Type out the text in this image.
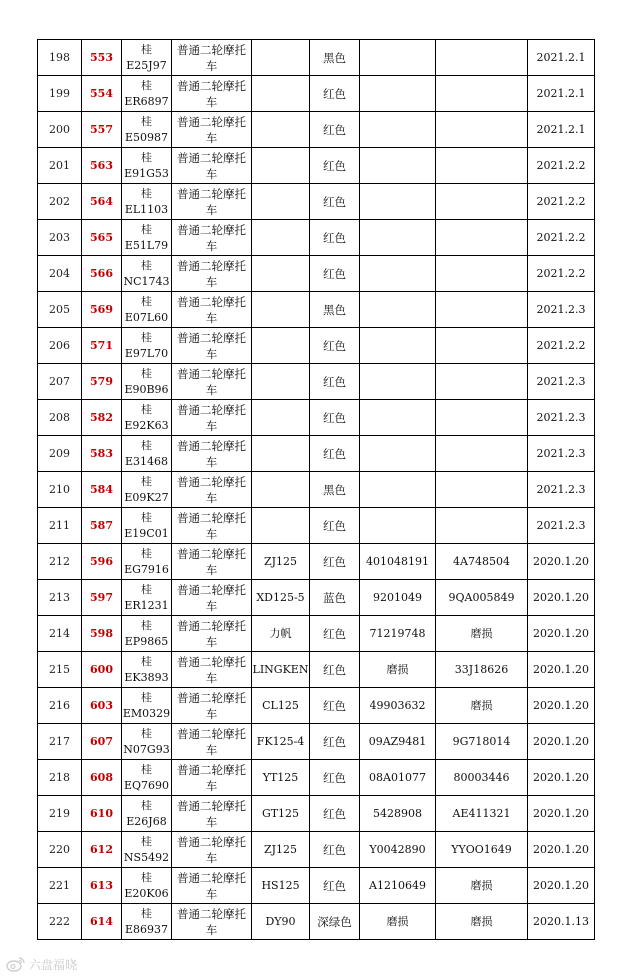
198	553	桂E25J97	普通二轮摩托车		黑色			2021.2.1
199	554	桂 ER6897	普通二轮摩托车		红色			2021.2.1
200	557	桂 E50987	普通二轮摩托车		红色			2021.2.1
201	563	桂 E91G53	普通二轮摩托车		红色			2021.2.2
202	564	桂 EL1103	普通二轮摩托车		红色			2021.2.2
203	565	桂 E51L79	普通二轮摩托车		红色			2021.2.2
204	566	桂 NC1743	普通二轮摩托车		红色			2021.2.2
205	569	桂 E07L60	普通二轮摩托车		黑色			2021.2.3
206	571	桂 E97L70	普通二轮摩托车		红色			2021.2.2
207	579	桂 E90B96	普通二轮摩托车		红色			2021.2.3
208	582	桂 E92K63	普通二轮摩托车		红色			2021.2.3
209	583	桂 E31468	普通二轮摩托车		红色			2021.2.3
210	584	桂 E09K27	普通二轮摩托车		黑色			2021.2.3
211	587	桂 E19C01	普通二轮摩托车		红色			2021.2.3
212	596	桂 EG7916	普通二轮摩托车	ZJ125	红色	401048191	4A748504	2020.1.20
213	597	桂 ER1231	普通二轮摩托车	XD125-5	蓝色	9201049	9QA005849	2020.1.20
214	598	桂 EP9865	普通二轮摩托车	力帆	红色	71219748	磨损	2020.1.20
215	600	桂 EK3893	普通二轮摩托车	LINGKEN	红色	磨损	33J18626	2020.1.20
216	603	桂 EM0329	普通二轮摩托车	CL125	红色	49903632	磨损	2020.1.20
217	607	桂 N07G93	普通二轮摩托车	FK125-4	红色	09AZ9481	9G718014	2020.1.20
218	608	桂 EQ7690	普通二轮摩托车	YT125	红色	08A01077	80003446	2020.1.20
219	610	桂E26J68	普通二轮摩托车	GT125	红色	5428908	AE411321	2020.1.20
220	612	桂 NS5492	普通二轮摩托车	ZJ125	红色	Y0042890	YYOO1649	2020.1.20
221	613	桂 E20K06	普通二轮摩托车	HS125	红色	A1210649	磨损	2020.1.20
222	614	桂 E86937	普通二轮摩托车	DY90	深绿色	磨损	磨损	2020.1.13
六盘福晓
